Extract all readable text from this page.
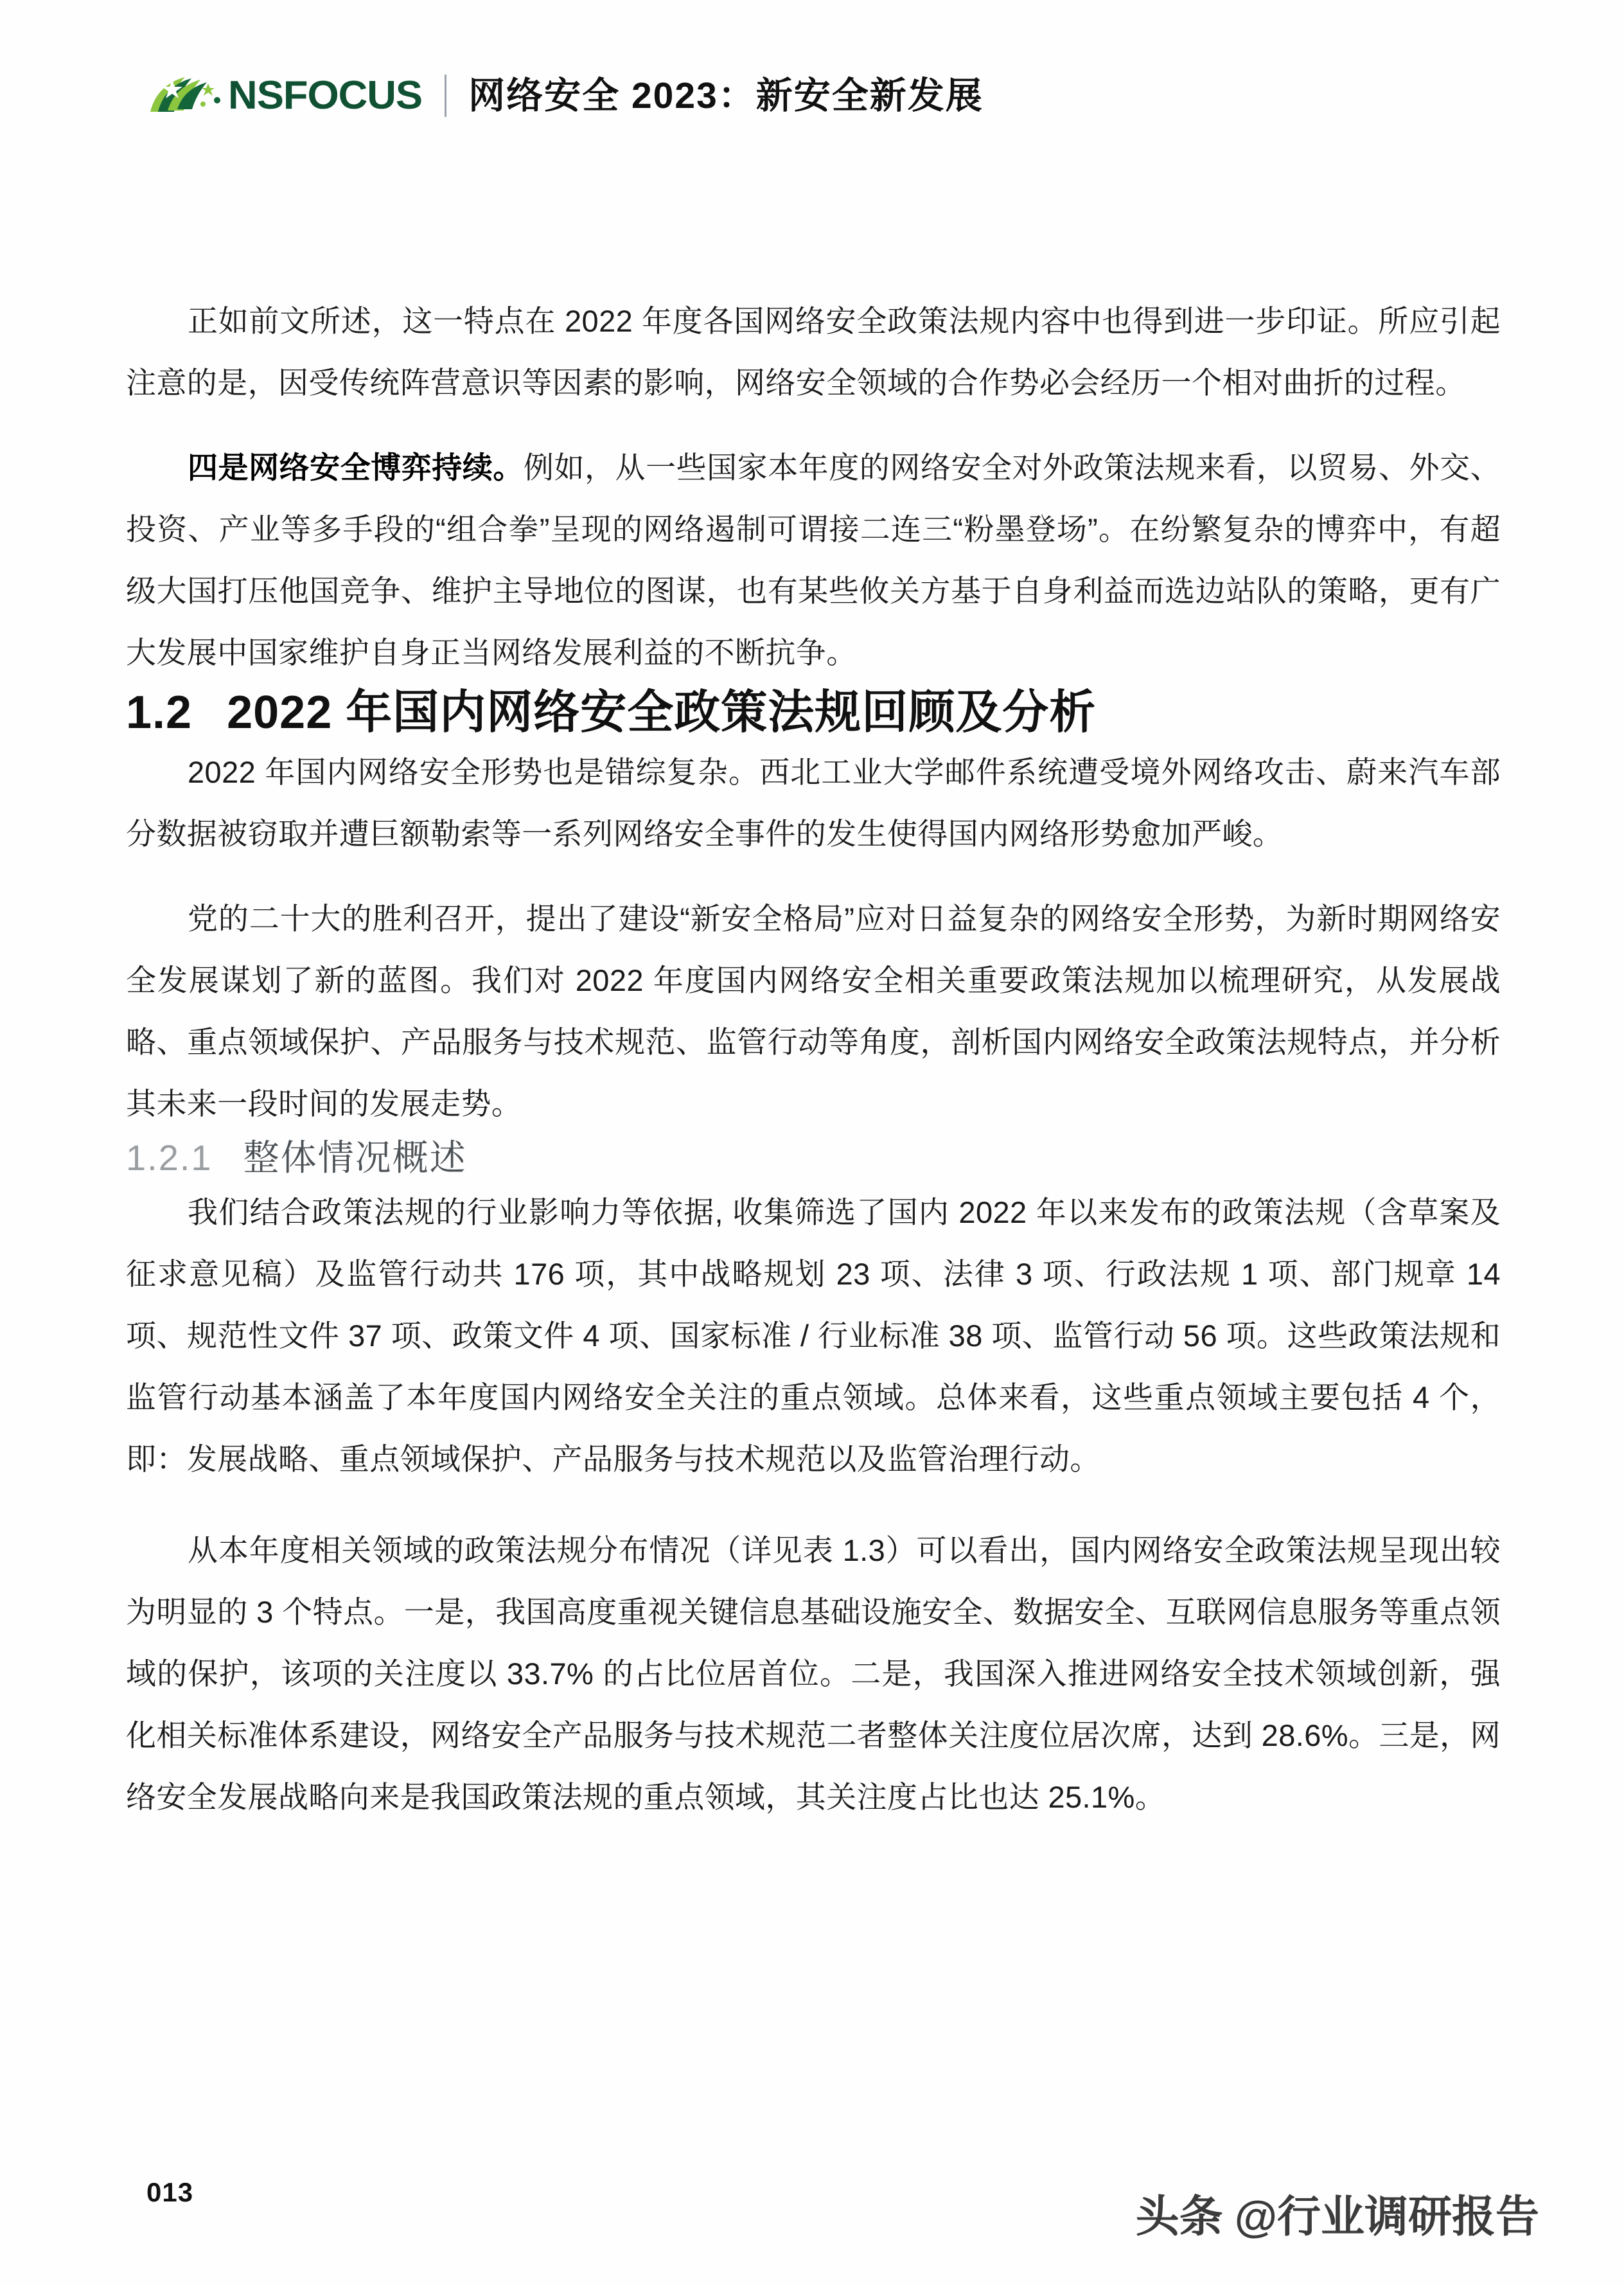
NSFOCUS 网络安全 2023：新安全新发展

正如前文所述，这一特点在 2022 年度各国网络安全政策法规内容中也得到进一步印证。所应引起注意的是，因受传统阵营意识等因素的影响，网络安全领域的合作势必会经历一个相对曲折的过程。

四是网络安全博弈持续。例如，从一些国家本年度的网络安全对外政策法规来看，以贸易、外交、投资、产业等多手段的“组合拳”呈现的网络遏制可谓接二连三“粉墨登场”。在纷繁复杂的博弈中，有超级大国打压他国竞争、维护主导地位的图谋，也有某些攸关方基于自身利益而选边站队的策略，更有广大发展中国家维护自身正当网络发展利益的不断抗争。

1.2 2022 年国内网络安全政策法规回顾及分析

2022 年国内网络安全形势也是错综复杂。西北工业大学邮件系统遭受境外网络攻击、蔚来汽车部分数据被窃取并遭巨额勒索等一系列网络安全事件的发生使得国内网络形势愈加严峻。

党的二十大的胜利召开，提出了建设“新安全格局”应对日益复杂的网络安全形势，为新时期网络安全发展谋划了新的蓝图。我们对 2022 年度国内网络安全相关重要政策法规加以梳理研究，从发展战略、重点领域保护、产品服务与技术规范、监管行动等角度，剖析国内网络安全政策法规特点，并分析其未来一段时间的发展走势。

1.2.1 整体情况概述

我们结合政策法规的行业影响力等依据, 收集筛选了国内 2022 年以来发布的政策法规（含草案及征求意见稿）及监管行动共 176 项，其中战略规划 23 项、法律 3 项、行政法规 1 项、部门规章 14 项、规范性文件 37 项、政策文件 4 项、国家标准 / 行业标准 38 项、监管行动 56 项。这些政策法规和监管行动基本涵盖了本年度国内网络安全关注的重点领域。总体来看，这些重点领域主要包括 4 个，即：发展战略、重点领域保护、产品服务与技术规范以及监管治理行动。

从本年度相关领域的政策法规分布情况（详见表 1.3）可以看出，国内网络安全政策法规呈现出较为明显的 3 个特点。一是，我国高度重视关键信息基础设施安全、数据安全、互联网信息服务等重点领域的保护，该项的关注度以 33.7% 的占比位居首位。二是，我国深入推进网络安全技术领域创新，强化相关标准体系建设，网络安全产品服务与技术规范二者整体关注度位居次席，达到 28.6%。三是，网络安全发展战略向来是我国政策法规的重点领域，其关注度占比也达 25.1%。

013
头条 @行业调研报告
